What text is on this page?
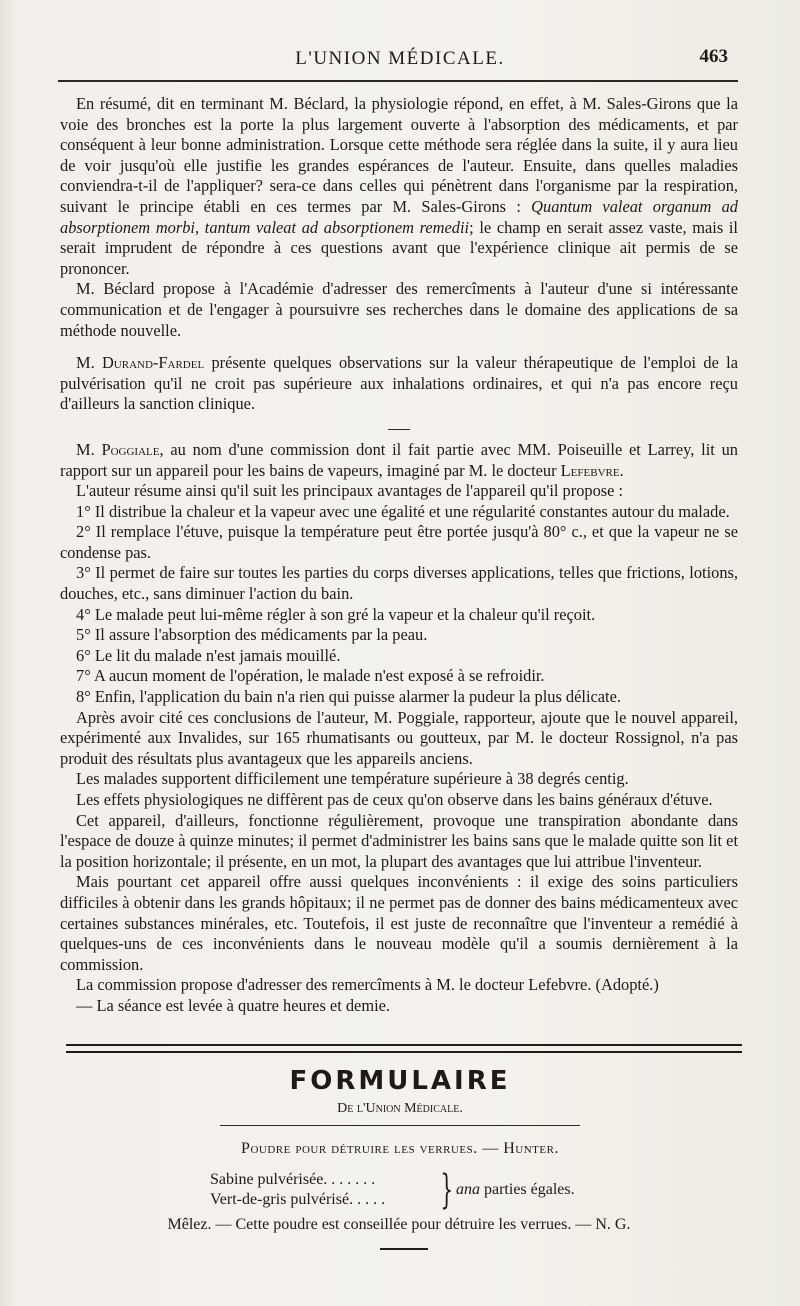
L'UNION MÉDICALE.	463

En résumé, dit en terminant M. Béclard, la physiologie répond, en effet, à M. Sales-Girons que la voie des bronches est la porte la plus largement ouverte à l'absorption des médicaments, et par conséquent à leur bonne administration. Lorsque cette méthode sera réglée dans la suite, il y aura lieu de voir jusqu'où elle justifie les grandes espérances de l'auteur. Ensuite, dans quelles maladies conviendra-t-il de l'appliquer? sera-ce dans celles qui pénètrent dans l'organisme par la respiration, suivant le principe établi en ces termes par M. Sales-Girons : Quantum valeat organum ad absorptionem morbi, tantum valeat ad absorptionem remedii; le champ en serait assez vaste, mais il serait imprudent de répondre à ces questions avant que l'expérience clinique ait permis de se prononcer.

M. Béclard propose à l'Académie d'adresser des remercîments à l'auteur d'une si intéressante communication et de l'engager à poursuivre ses recherches dans le domaine des applications de sa méthode nouvelle.

M. Durand-Fardel présente quelques observations sur la valeur thérapeutique de l'emploi de la pulvérisation qu'il ne croit pas supérieure aux inhalations ordinaires, et qui n'a pas encore reçu d'ailleurs la sanction clinique.

M. Poggiale, au nom d'une commission dont il fait partie avec MM. Poiseuille et Larrey, lit un rapport sur un appareil pour les bains de vapeurs, imaginé par M. le docteur Lefebvre.

L'auteur résume ainsi qu'il suit les principaux avantages de l'appareil qu'il propose :

1° Il distribue la chaleur et la vapeur avec une égalité et une régularité constantes autour du malade.

2° Il remplace l'étuve, puisque la température peut être portée jusqu'à 80° c., et que la vapeur ne se condense pas.

3° Il permet de faire sur toutes les parties du corps diverses applications, telles que frictions, lotions, douches, etc., sans diminuer l'action du bain.

4° Le malade peut lui-même régler à son gré la vapeur et la chaleur qu'il reçoit.

5° Il assure l'absorption des médicaments par la peau.

6° Le lit du malade n'est jamais mouillé.

7° A aucun moment de l'opération, le malade n'est exposé à se refroidir.

8° Enfin, l'application du bain n'a rien qui puisse alarmer la pudeur la plus délicate.

Après avoir cité ces conclusions de l'auteur, M. Poggiale, rapporteur, ajoute que le nouvel appareil, expérimenté aux Invalides, sur 165 rhumatisants ou goutteux, par M. le docteur Rossignol, n'a pas produit des résultats plus avantageux que les appareils anciens.

Les malades supportent difficilement une température supérieure à 38 degrés centig.

Les effets physiologiques ne diffèrent pas de ceux qu'on observe dans les bains généraux d'étuve.

Cet appareil, d'ailleurs, fonctionne régulièrement, provoque une transpiration abondante dans l'espace de douze à quinze minutes; il permet d'administrer les bains sans que le malade quitte son lit et la position horizontale; il présente, en un mot, la plupart des avantages que lui attribue l'inventeur.

Mais pourtant cet appareil offre aussi quelques inconvénients : il exige des soins particuliers difficiles à obtenir dans les grands hôpitaux; il ne permet pas de donner des bains médicamenteux avec certaines substances minérales, etc. Toutefois, il est juste de reconnaître que l'inventeur a remédié à quelques-uns de ces inconvénients dans le nouveau modèle qu'il a soumis dernièrement à la commission.

La commission propose d'adresser des remercîments à M. le docteur Lefebvre. (Adopté.)

— La séance est levée à quatre heures et demie.

FORMULAIRE
De l'Union Médicale.
Poudre pour détruire les verrues. — Hunter.
Sabine pulvérisée. . . . . . .
Vert-de-gris pulvérisé. . . . .	} ana parties égales.
Mêlez. — Cette poudre est conseillée pour détruire les verrues. — N. G.
